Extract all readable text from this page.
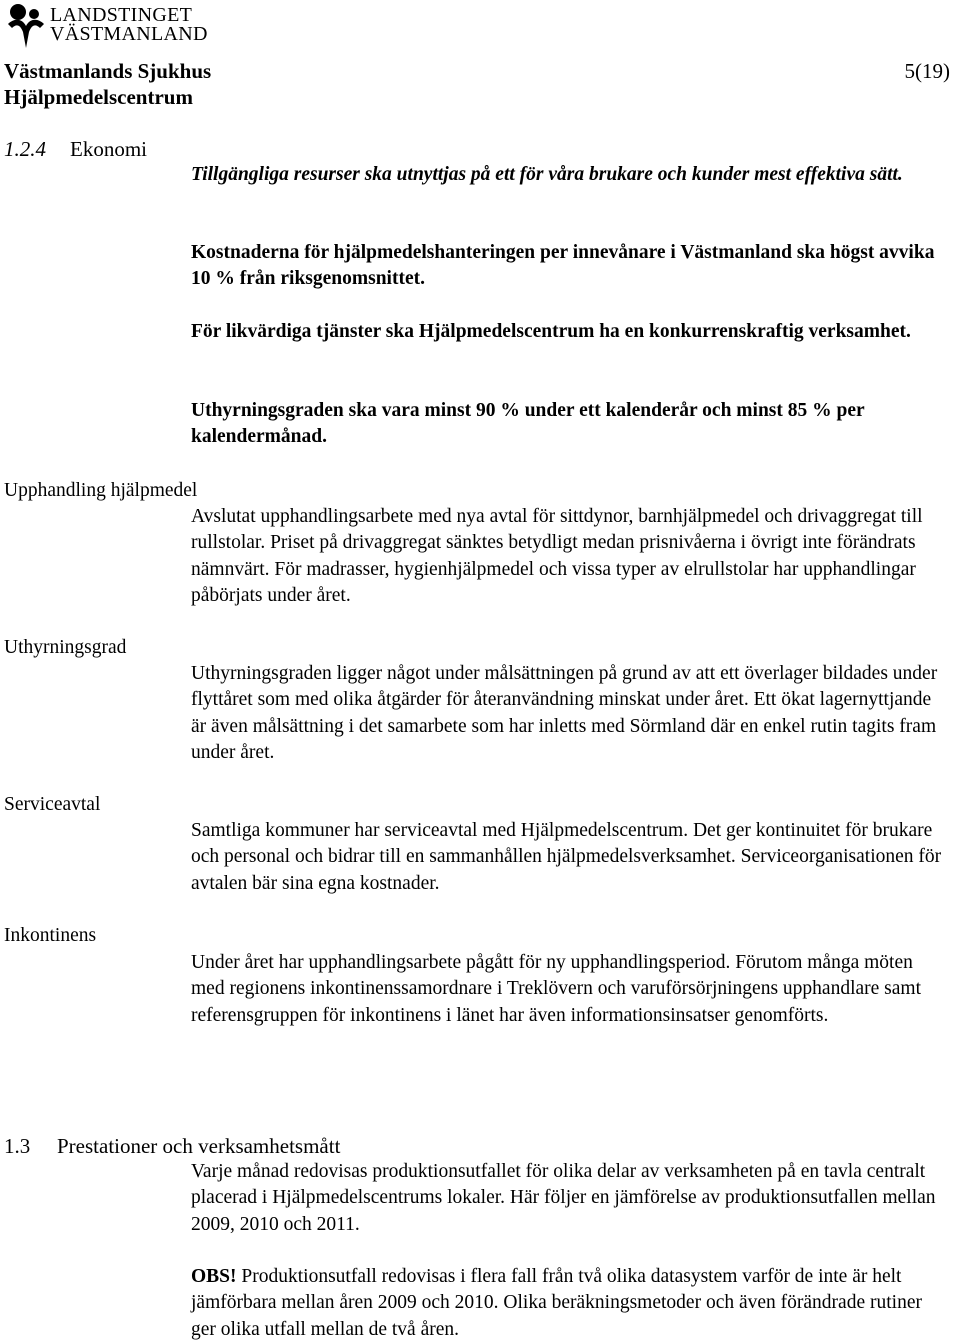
LANDSTINGET
VÄSTMANLAND
Västmanlands Sjukhus
Hjälpmedelscentrum
5(19)
1.2.4 Ekonomi

Tillgängliga resurser ska utnyttjas på ett för våra brukare och kunder mest effektiva sätt.

Kostnaderna för hjälpmedelshanteringen per innevånare i Västmanland ska högst avvika 10 % från riksgenomsnittet.

För likvärdiga tjänster ska Hjälpmedelscentrum ha en konkurrenskraftig verksamhet.

Uthyrningsgraden ska vara minst 90 % under ett kalenderår och minst 85 % per kalendermånad.

Upphandling hjälpmedel

Avslutat upphandlingsarbete med nya avtal för sittdynor, barnhjälpmedel och drivaggregat till rullstolar. Priset på drivaggregat sänktes betydligt medan prisnivåerna i övrigt inte förändrats nämnvärt. För madrasser, hygienhjälpmedel och vissa typer av elrullstolar har upphandlingar påbörjats under året.

Uthyrningsgrad

Uthyrningsgraden ligger något under målsättningen på grund av att ett överlager bildades under flyttåret som med olika åtgärder för återanvändning minskat under året. Ett ökat lagernyttjande är även målsättning i det samarbete som har inletts med Sörmland där en enkel rutin tagits fram under året.

Serviceavtal

Samtliga kommuner har serviceavtal med Hjälpmedelscentrum. Det ger kontinuitet för brukare och personal och bidrar till en sammanhållen hjälpmedelsverksamhet. Serviceorganisationen för avtalen bär sina egna kostnader.

Inkontinens

Under året har upphandlingsarbete pågått för ny upphandlingsperiod. Förutom många möten med regionens inkontinenssamordnare i Treklövern och varuförsörjningens upphandlare samt referensgruppen för inkontinens i länet har även informationsinsatser genomförts.

1.3 Prestationer och verksamhetsmått

Varje månad redovisas produktionsutfallet för olika delar av verksamheten på en tavla centralt placerad i Hjälpmedelscentrums lokaler. Här följer en jämförelse av produktionsutfallen mellan 2009, 2010 och 2011.

OBS! Produktionsutfall redovisas i flera fall från två olika datasystem varför de inte är helt jämförbara mellan åren 2009 och 2010. Olika beräkningsmetoder och även förändrade rutiner ger olika utfall mellan de två åren.
